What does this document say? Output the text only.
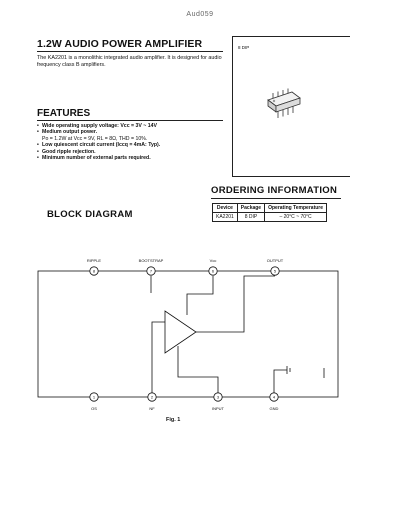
Aud059
1.2W AUDIO POWER AMPLIFIER
The KA2201 is a monolithic integrated audio amplifier. It is designed for audio frequency class B amplifiers.
8 DIP
FEATURES
• Wide operating supply voltage: Vcc = 3V ~ 14V
• Medium output power.
Po = 1.2W at Vcc = 9V, RL = 8Ω, THD = 10%.
• Low quiescent circuit current (Iccq = 4mA: Typ).
• Good ripple rejection.
• Minimum number of external parts required.
ORDERING INFORMATION
Device	Package	Operating Temperature
KA2201	8 DIP	– 20°C ~ 70°C
BLOCK DIAGRAM
8	7	6	5
1	2	3	4
RIPPLE	BOOTSTRAP	Vcc	OUTPUT
OS	NF	INPUT	GND
Fig. 1
